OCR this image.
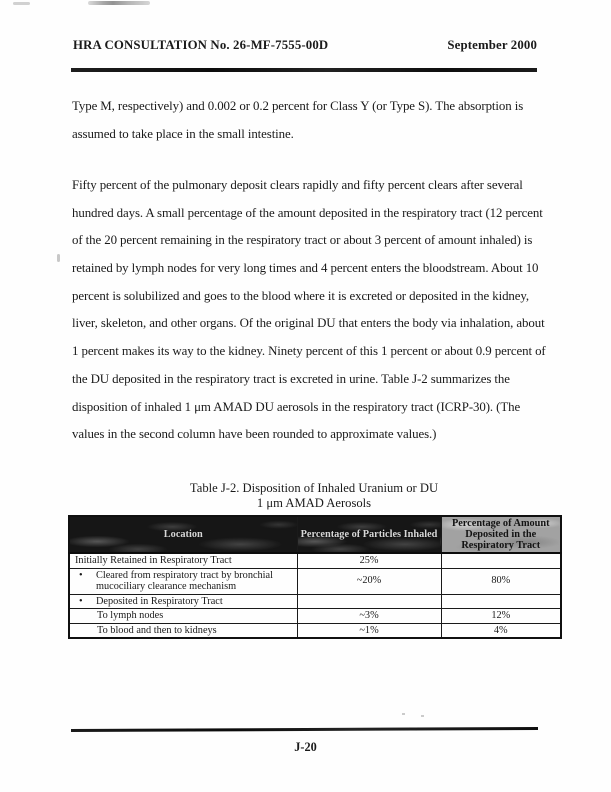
HRA CONSULTATION No. 26-MF-7555-00D	September 2000
Type M, respectively) and 0.002 or 0.2 percent for Class Y (or Type S). The absorption is
assumed to take place in the small intestine.
Fifty percent of the pulmonary deposit clears rapidly and fifty percent clears after several
hundred days. A small percentage of the amount deposited in the respiratory tract (12 percent
of the 20 percent remaining in the respiratory tract or about 3 percent of amount inhaled) is
retained by lymph nodes for very long times and 4 percent enters the bloodstream. About 10
percent is solubilized and goes to the blood where it is excreted or deposited in the kidney,
liver, skeleton, and other organs. Of the original DU that enters the body via inhalation, about
1 percent makes its way to the kidney. Ninety percent of this 1 percent or about 0.9 percent of
the DU deposited in the respiratory tract is excreted in urine. Table J-2 summarizes the
disposition of inhaled 1 μm AMAD DU aerosols in the respiratory tract (ICRP-30). (The
values in the second column have been rounded to approximate values.)
Table J-2. Disposition of Inhaled Uranium or DU
1 μm AMAD Aerosols
Location	Percentage of Particles Inhaled	Percentage of Amount Deposited in the Respiratory Tract
Initially Retained in Respiratory Tract	25%	
• Cleared from respiratory tract by bronchial mucociliary clearance mechanism	~20%	80%
• Deposited in Respiratory Tract		
To lymph nodes	~3%	12%
To blood and then to kidneys	~1%	4%
J-20
